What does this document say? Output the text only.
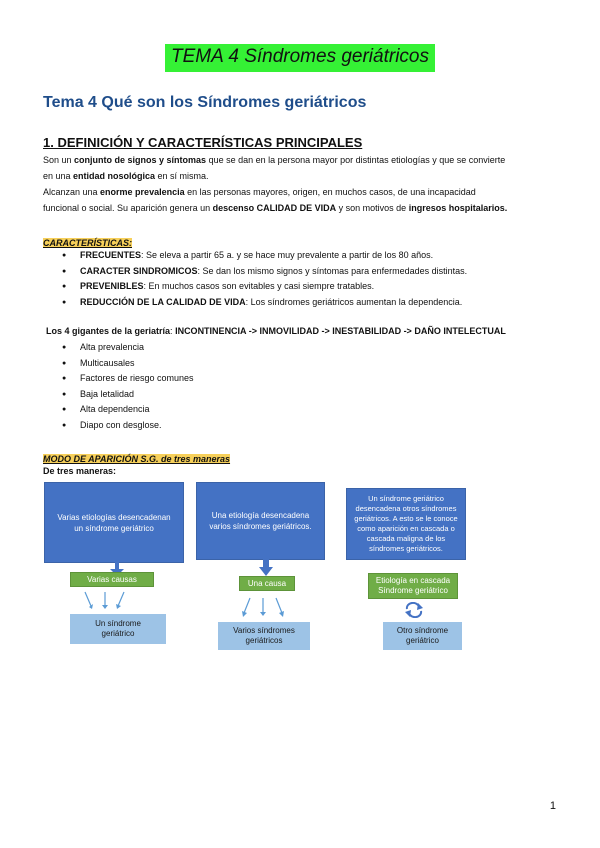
TEMA 4 Síndromes geriátricos
Tema 4 Qué son los Síndromes geriátricos
1. DEFINICIÓN Y CARACTERÍSTICAS PRINCIPALES
Son un conjunto de signos y síntomas que se dan en la persona mayor por distintas etiologías y que se convierte
en una entidad nosológica en sí misma.
Alcanzan una enorme prevalencia en las personas mayores, origen, en muchos casos, de una incapacidad
funcional o social. Su aparición genera un descenso CALIDAD DE VIDA y son motivos de ingresos hospitalarios.
CARACTERÍSTICAS:
● FRECUENTES: Se eleva a partir 65 a. y se hace muy prevalente a partir de los 80 años.
● CARACTER SINDROMICOS: Se dan los mismo signos y síntomas para enfermedades distintas.
● PREVENIBLES: En muchos casos son evitables y casi siempre tratables.
● REDUCCIÓN DE LA CALIDAD DE VIDA: Los síndromes geriátricos aumentan la dependencia.
Los 4 gigantes de la geriatría: INCONTINENCIA -> INMOVILIDAD -> INESTABILIDAD -> DAÑO INTELECTUAL
● Alta prevalencia
● Multicausales
● Factores de riesgo comunes
● Baja letalidad
● Alta dependencia
● Diapo con desglose.
MODO DE APARICIÓN S.G. de tres maneras
De tres maneras:
Varias etiologías desencadenan un síndrome geriátrico
Varias causas
Un síndrome geriátrico
Una etiología desencadena varios síndromes geriátricos.
Una causa
Varios síndromes geriátricos
Un síndrome geriátrico desencadena otros síndromes geriátricos. A esto se le conoce como aparición en cascada o cascada maligna de los síndromes geriátricos.
Etiología en cascada Síndrome geriátrico
Otro síndrome geriátrico
1
